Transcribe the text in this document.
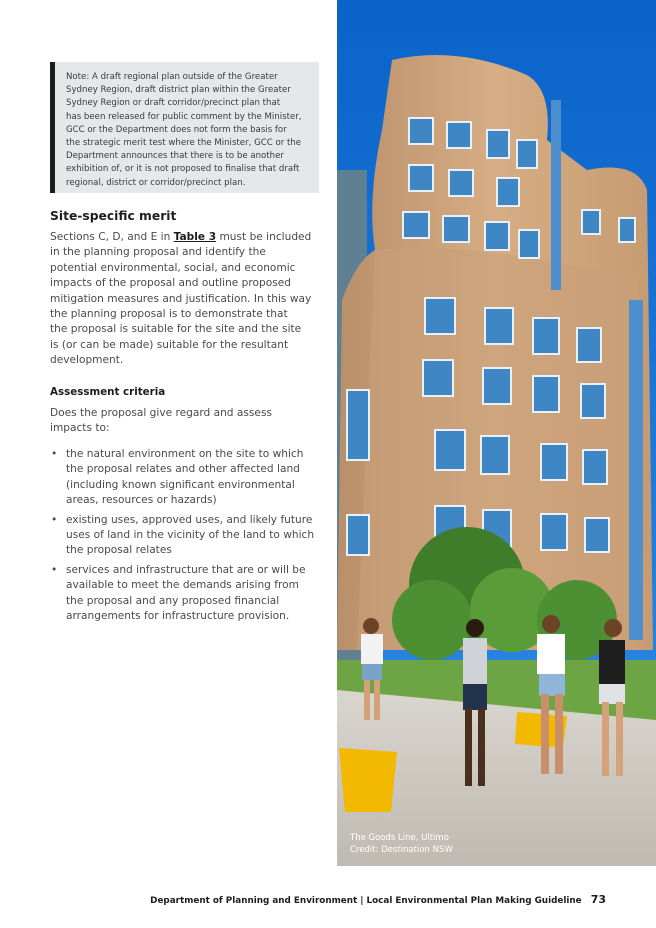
Note: A draft regional plan outside of the Greater
Sydney Region, draft district plan within the Greater
Sydney Region or draft corridor/precinct plan that
has been released for public comment by the Minister,
GCC or the Department does not form the basis for
the strategic merit test where the Minister, GCC or the
Department announces that there is to be another
exhibition of, or it is not proposed to finalise that draft
regional, district or corridor/precinct plan.

Site-specific merit

Sections C, D, and E in Table 3 must be included
in the planning proposal and identify the
potential environmental, social, and economic
impacts of the proposal and outline proposed
mitigation measures and justification. In this way
the planning proposal is to demonstrate that
the proposal is suitable for the site and the site
is (or can be made) suitable for the resultant
development.

Assessment criteria

Does the proposal give regard and assess
impacts to:

• the natural environment on the site to which
the proposal relates and other affected land
(including known significant environmental
areas, resources or hazards)
• existing uses, approved uses, and likely future
uses of land in the vicinity of the land to which
the proposal relates
• services and infrastructure that are or will be
available to meet the demands arising from
the proposal and any proposed financial
arrangements for infrastructure provision.

The Goods Line, Ultimo
Credit: Destination NSW

Department of Planning and Environment | Local Environmental Plan Making Guideline 73
